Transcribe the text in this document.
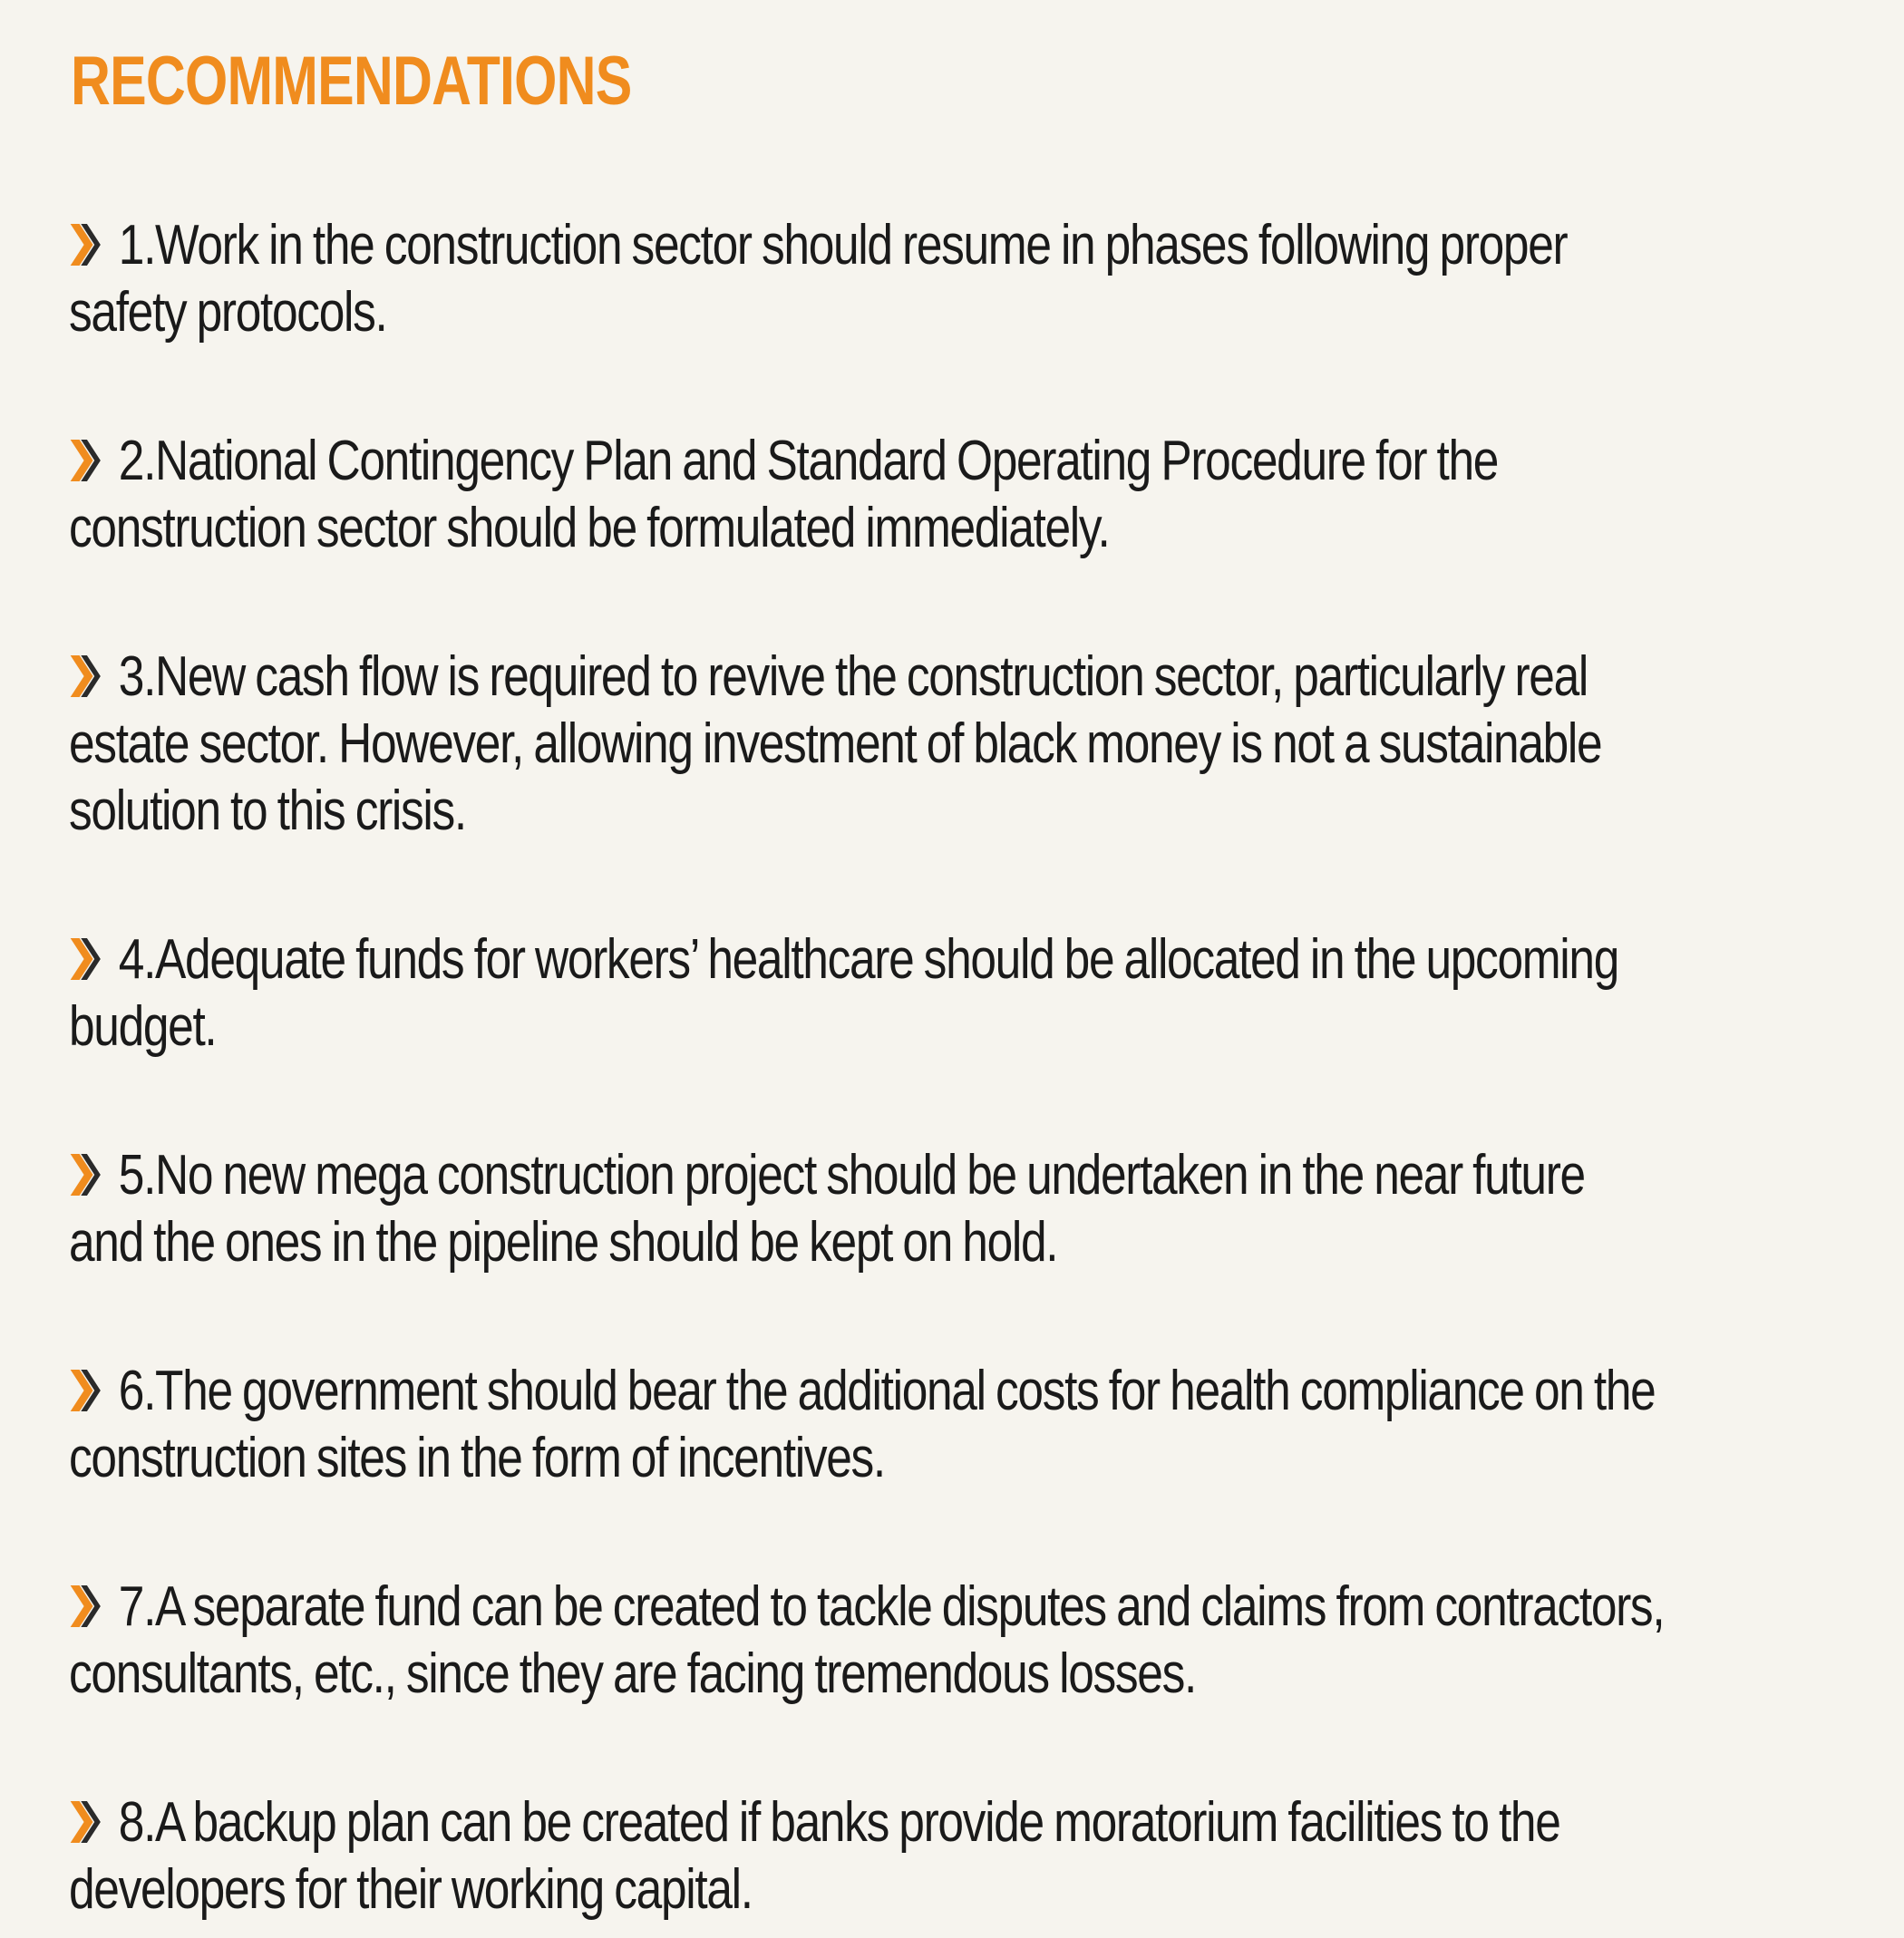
RECOMMENDATIONS

1.Work in the construction sector should resume in phases following proper
safety protocols.

2.National Contingency Plan and Standard Operating Procedure for the
construction sector should be formulated immediately.

3.New cash flow is required to revive the construction sector, particularly real
estate sector. However, allowing investment of black money is not a sustainable
solution to this crisis.

4.Adequate funds for workers’ healthcare should be allocated in the upcoming
budget.

5.No new mega construction project should be undertaken in the near future
and the ones in the pipeline should be kept on hold.

6.The government should bear the additional costs for health compliance on the
construction sites in the form of incentives.

7.A separate fund can be created to tackle disputes and claims from contractors,
consultants, etc., since they are facing tremendous losses.

8.A backup plan can be created if banks provide moratorium facilities to the
developers for their working capital.
